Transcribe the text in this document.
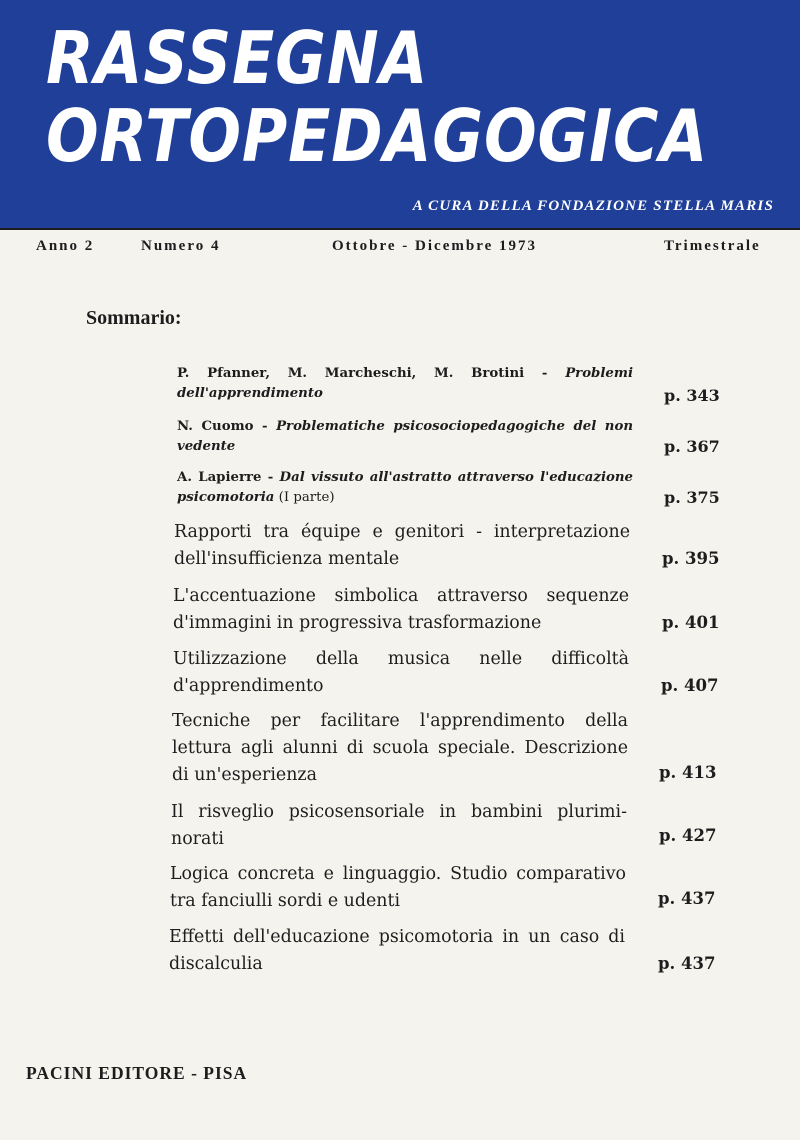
RASSEGNA
ORTOPEDAGOGICA
A CURA DELLA FONDAZIONE STELLA MARIS
Anno 2	Numero 4	Ottobre - Dicembre 1973	Trimestrale
Sommario:
P. Pfanner, M. Marcheschi, M. Brotini - Problemi dell'apprendimento	p. 343
N. Cuomo - Problematiche psicosociopedagogiche del non vedente	p. 367
A. Lapierre - Dal vissuto all'astratto attraverso l'educazione psicomotoria (I parte)	p. 375
Rapporti tra équipe e genitori - interpretazione dell'insufficienza mentale	p. 395
L'accentuazione simbolica attraverso sequenze d'immagini in progressiva trasformazione	p. 401
Utilizzazione della musica nelle difficoltà d'apprendimento	p. 407
Tecniche per facilitare l'apprendimento della lettura agli alunni di scuola speciale. Descrizione di un'esperienza	p. 413
Il risveglio psicosensoriale in bambini pluriminorati	p. 427
Logica concreta e linguaggio. Studio comparativo tra fanciulli sordi e udenti	p. 437
Effetti dell'educazione psicomotoria in un caso di discalculia	p. 437
PACINI EDITORE - PISA
